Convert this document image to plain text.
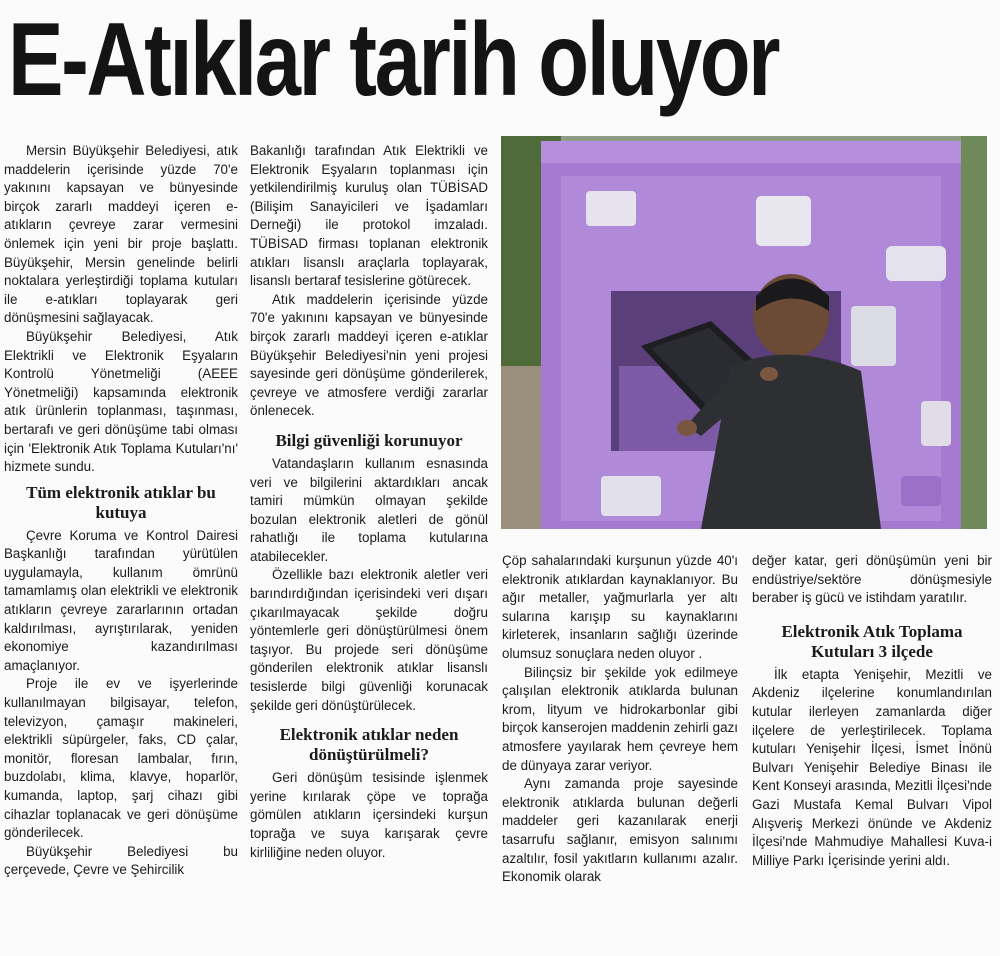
E-Atıklar tarih oluyor

Mersin Büyükşehir Belediyesi, atık maddelerin içerisinde yüzde 70'e yakınını kapsayan ve bünyesinde birçok zararlı maddeyi içeren e- atıkların çevreye zarar vermesini önlemek için yeni bir proje başlattı. Büyükşehir, Mersin genelinde belirli noktalara yerleştirdiği toplama kutuları ile e-atıkları toplayarak geri dönüşmesini sağlayacak.

Büyükşehir Belediyesi, Atık Elektrikli ve Elektronik Eşyaların Kontrolü Yönetmeliği (AEEE Yönetmeliği) kapsamında elektronik atık ürünlerin toplanması, taşınması, bertarafı ve geri dönüşüme tabi olması için 'Elektronik Atık Toplama Kutuları'nı' hizmete sundu.

Tüm elektronik atıklar bu kutuya

Çevre Koruma ve Kontrol Dairesi Başkanlığı tarafından yürütülen uygulamayla, kullanım ömrünü tamamlamış olan elektrikli ve elektronik atıkların çevreye zararlarının ortadan kaldırılması, ayrıştırılarak, yeniden ekonomiye kazandırılması amaçlanıyor.

Proje ile ev ve işyerlerinde kullanılmayan bilgisayar, telefon, televizyon, çamaşır makineleri, elektrikli süpürgeler, faks, CD çalar, monitör, floresan lambalar, fırın, buzdolabı, klima, klavye, hoparlör, kumanda, laptop, şarj cihazı gibi cihazlar toplanacak ve geri dönüşüme gönderilecek.

Büyükşehir Belediyesi bu çerçevede, Çevre ve Şehircilik

Bakanlığı tarafından Atık Elektrikli ve Elektronik Eşyaların toplanması için yetkilendirilmiş kuruluş olan TÜBİSAD (Bilişim Sanayicileri ve İşadamları Derneği) ile protokol imzaladı. TÜBİSAD firması toplanan elektronik atıkları lisanslı araçlarla toplayarak, lisanslı bertaraf tesislerine götürecek.

Atık maddelerin içerisinde yüzde 70'e yakınını kapsayan ve bünyesinde birçok zararlı maddeyi içeren e-atıklar Büyükşehir Belediyesi'nin yeni projesi sayesinde geri dönüşüme gönderilerek, çevreye ve atmosfere verdiği zararlar önlenecek.

Bilgi güvenliği korunuyor

Vatandaşların kullanım esnasında veri ve bilgilerini aktardıkları ancak tamiri mümkün olmayan şekilde bozulan elektronik aletleri de gönül rahatlığı ile toplama kutularına atabilecekler.

Özellikle bazı elektronik aletler veri barındırdığından içerisindeki veri dışarı çıkarılmayacak şekilde doğru yöntemlerle geri dönüştürülmesi önem taşıyor. Bu projede seri dönüşüme gönderilen elektronik atıklar lisanslı tesislerde bilgi güvenliği korunacak şekilde geri dönüştürülecek.

Elektronik atıklar neden dönüştürülmeli?

Geri dönüşüm tesisinde işlenmek yerine kırılarak çöpe ve toprağa gömülen atıkların içersindeki kurşun toprağa ve suya karışarak çevre kirliliğine neden oluyor.

Çöp sahalarındaki kurşunun yüzde 40'ı elektronik atıklardan kaynaklanıyor. Bu ağır metaller, yağmurlarla yer altı sularına karışıp su kaynaklarını kirleterek, insanların sağlığı üzerinde olumsuz sonuçlara neden oluyor .

Bilinçsiz bir şekilde yok edilmeye çalışılan elektronik atıklarda bulunan krom, lityum ve hidrokarbonlar gibi birçok kanserojen maddenin zehirli gazı atmosfere yayılarak hem çevreye hem de dünyaya zarar veriyor.

Aynı zamanda proje sayesinde elektronik atıklarda bulunan değerli maddeler geri kazanılarak enerji tasarrufu sağlanır, emisyon salınımı azaltılır, fosil yakıtların kullanımı azalır. Ekonomik olarak

değer katar, geri dönüşümün yeni bir endüstriye/sektöre dönüşmesiyle beraber iş gücü ve istihdam yaratılır.

Elektronik Atık Toplama Kutuları 3 ilçede

İlk etapta Yenişehir, Mezitli ve Akdeniz ilçelerine konumlandırılan kutular ilerleyen zamanlarda diğer ilçelere de yerleştirilecek. Toplama kutuları Yenişehir İlçesi, İsmet İnönü Bulvarı Yenişehir Belediye Binası ile Kent Konseyi arasında, Mezitli İlçesi'nde Gazi Mustafa Kemal Bulvarı Vipol Alışveriş Merkezi önünde ve Akdeniz İlçesi'nde Mahmudiye Mahallesi Kuva-i Milliye Parkı İçerisinde yerini aldı.
